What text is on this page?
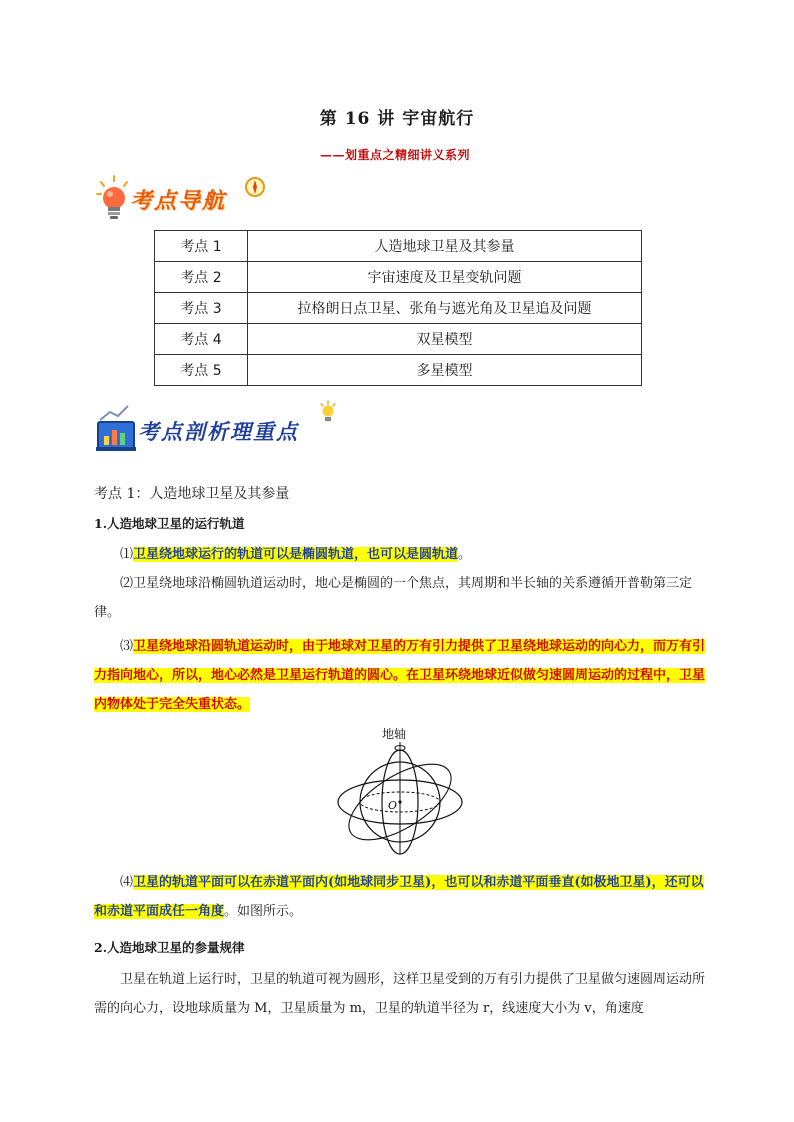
第 16 讲 宇宙航行
——划重点之精细讲义系列
考点导航
考点 1	人造地球卫星及其参量
考点 2	宇宙速度及卫星变轨问题
考点 3	拉格朗日点卫星、张角与遮光角及卫星追及问题
考点 4	双星模型
考点 5	多星模型
考点剖析理重点
考点 1：人造地球卫星及其参量
1.人造地球卫星的运行轨道
⑴卫星绕地球运行的轨道可以是椭圆轨道，也可以是圆轨道。
⑵卫星绕地球沿椭圆轨道运动时，地心是椭圆的一个焦点，其周期和半长轴的关系遵循开普勒第三定律。
⑶卫星绕地球沿圆轨道运动时，由于地球对卫星的万有引力提供了卫星绕地球运动的向心力，而万有引力指向地心，所以，地心必然是卫星运行轨道的圆心。在卫星环绕地球近似做匀速圆周运动的过程中，卫星内物体处于完全失重状态。
地轴
O
⑷卫星的轨道平面可以在赤道平面内(如地球同步卫星)，也可以和赤道平面垂直(如极地卫星)，还可以和赤道平面成任一角度。如图所示。
2.人造地球卫星的参量规律
卫星在轨道上运行时，卫星的轨道可视为圆形，这样卫星受到的万有引力提供了卫星做匀速圆周运动所需的向心力，设地球质量为 M，卫星质量为 m，卫星的轨道半径为 r，线速度大小为 v，角速度
